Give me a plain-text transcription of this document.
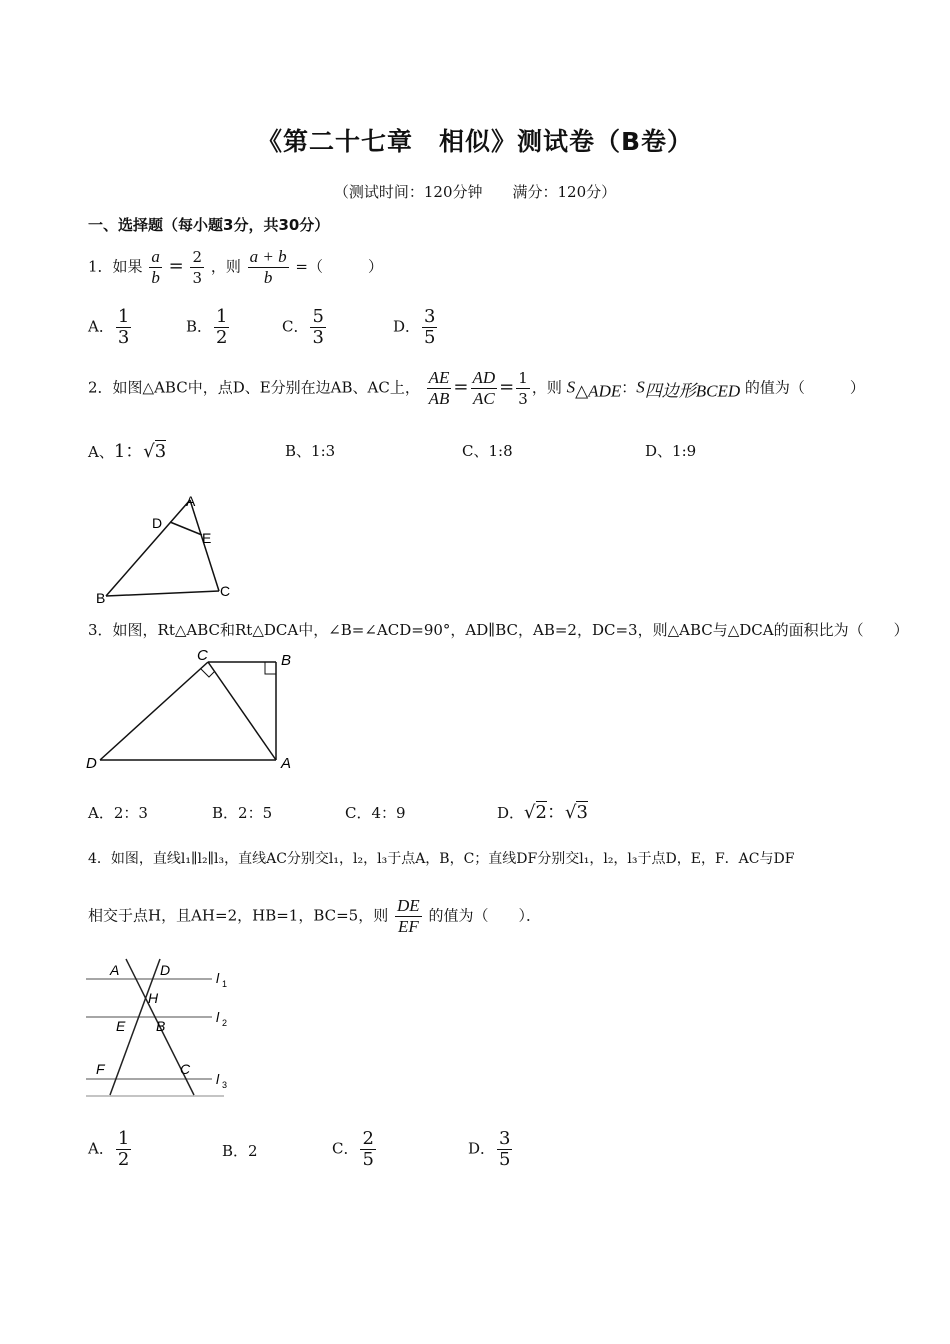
《第二十七章　相似》测试卷（B卷）
（测试时间：120分钟　　满分：120分）
一、选择题（每小题3分，共30分）
1．如果 $\frac{a}{b} = \frac{2}{3}$ ，则 $\frac{a + b}{b}$ =（　　　）
A． $\frac{1}{3}$	B． $\frac{1}{2}$	C． $\frac{5}{3}$	D． $\frac{3}{5}$
2．如图△ABC中，点D、E分别在边AB、AC上， $\frac{AE}{AB} = \frac{AD}{AC} = \frac{1}{3}$ ，则 $S_{\triangle ADE}$：$S_{四边形BCED}$ 的值为（　　　）
A、1：√3	B、1:3	C、1:8	D、1:9
A
D
E
B	C
3．如图，Rt△ABC和Rt△DCA中，∠B=∠ACD=90°，AD∥BC，AB=2，DC=3，则△ABC与△DCA的面积比为（　　）
C	B
D	A
A．2：3	B．2：5	C．4：9	D．√2：√3
4．如图，直线l₁∥l₂∥l₃，直线AC分别交l₁，l₂，l₃于点A，B，C；直线DF分别交l₁，l₂，l₃于点D，E，F．AC与DF
相交于点H，且AH=2，HB=1，BC=5，则 $\frac{DE}{EF}$ 的值为（　　）．
A	D	l 1
H
E B
l 2
F	C
l 3
A． $\frac{1}{2}$	B．2	C． $\frac{2}{5}$	D． $\frac{3}{5}$
